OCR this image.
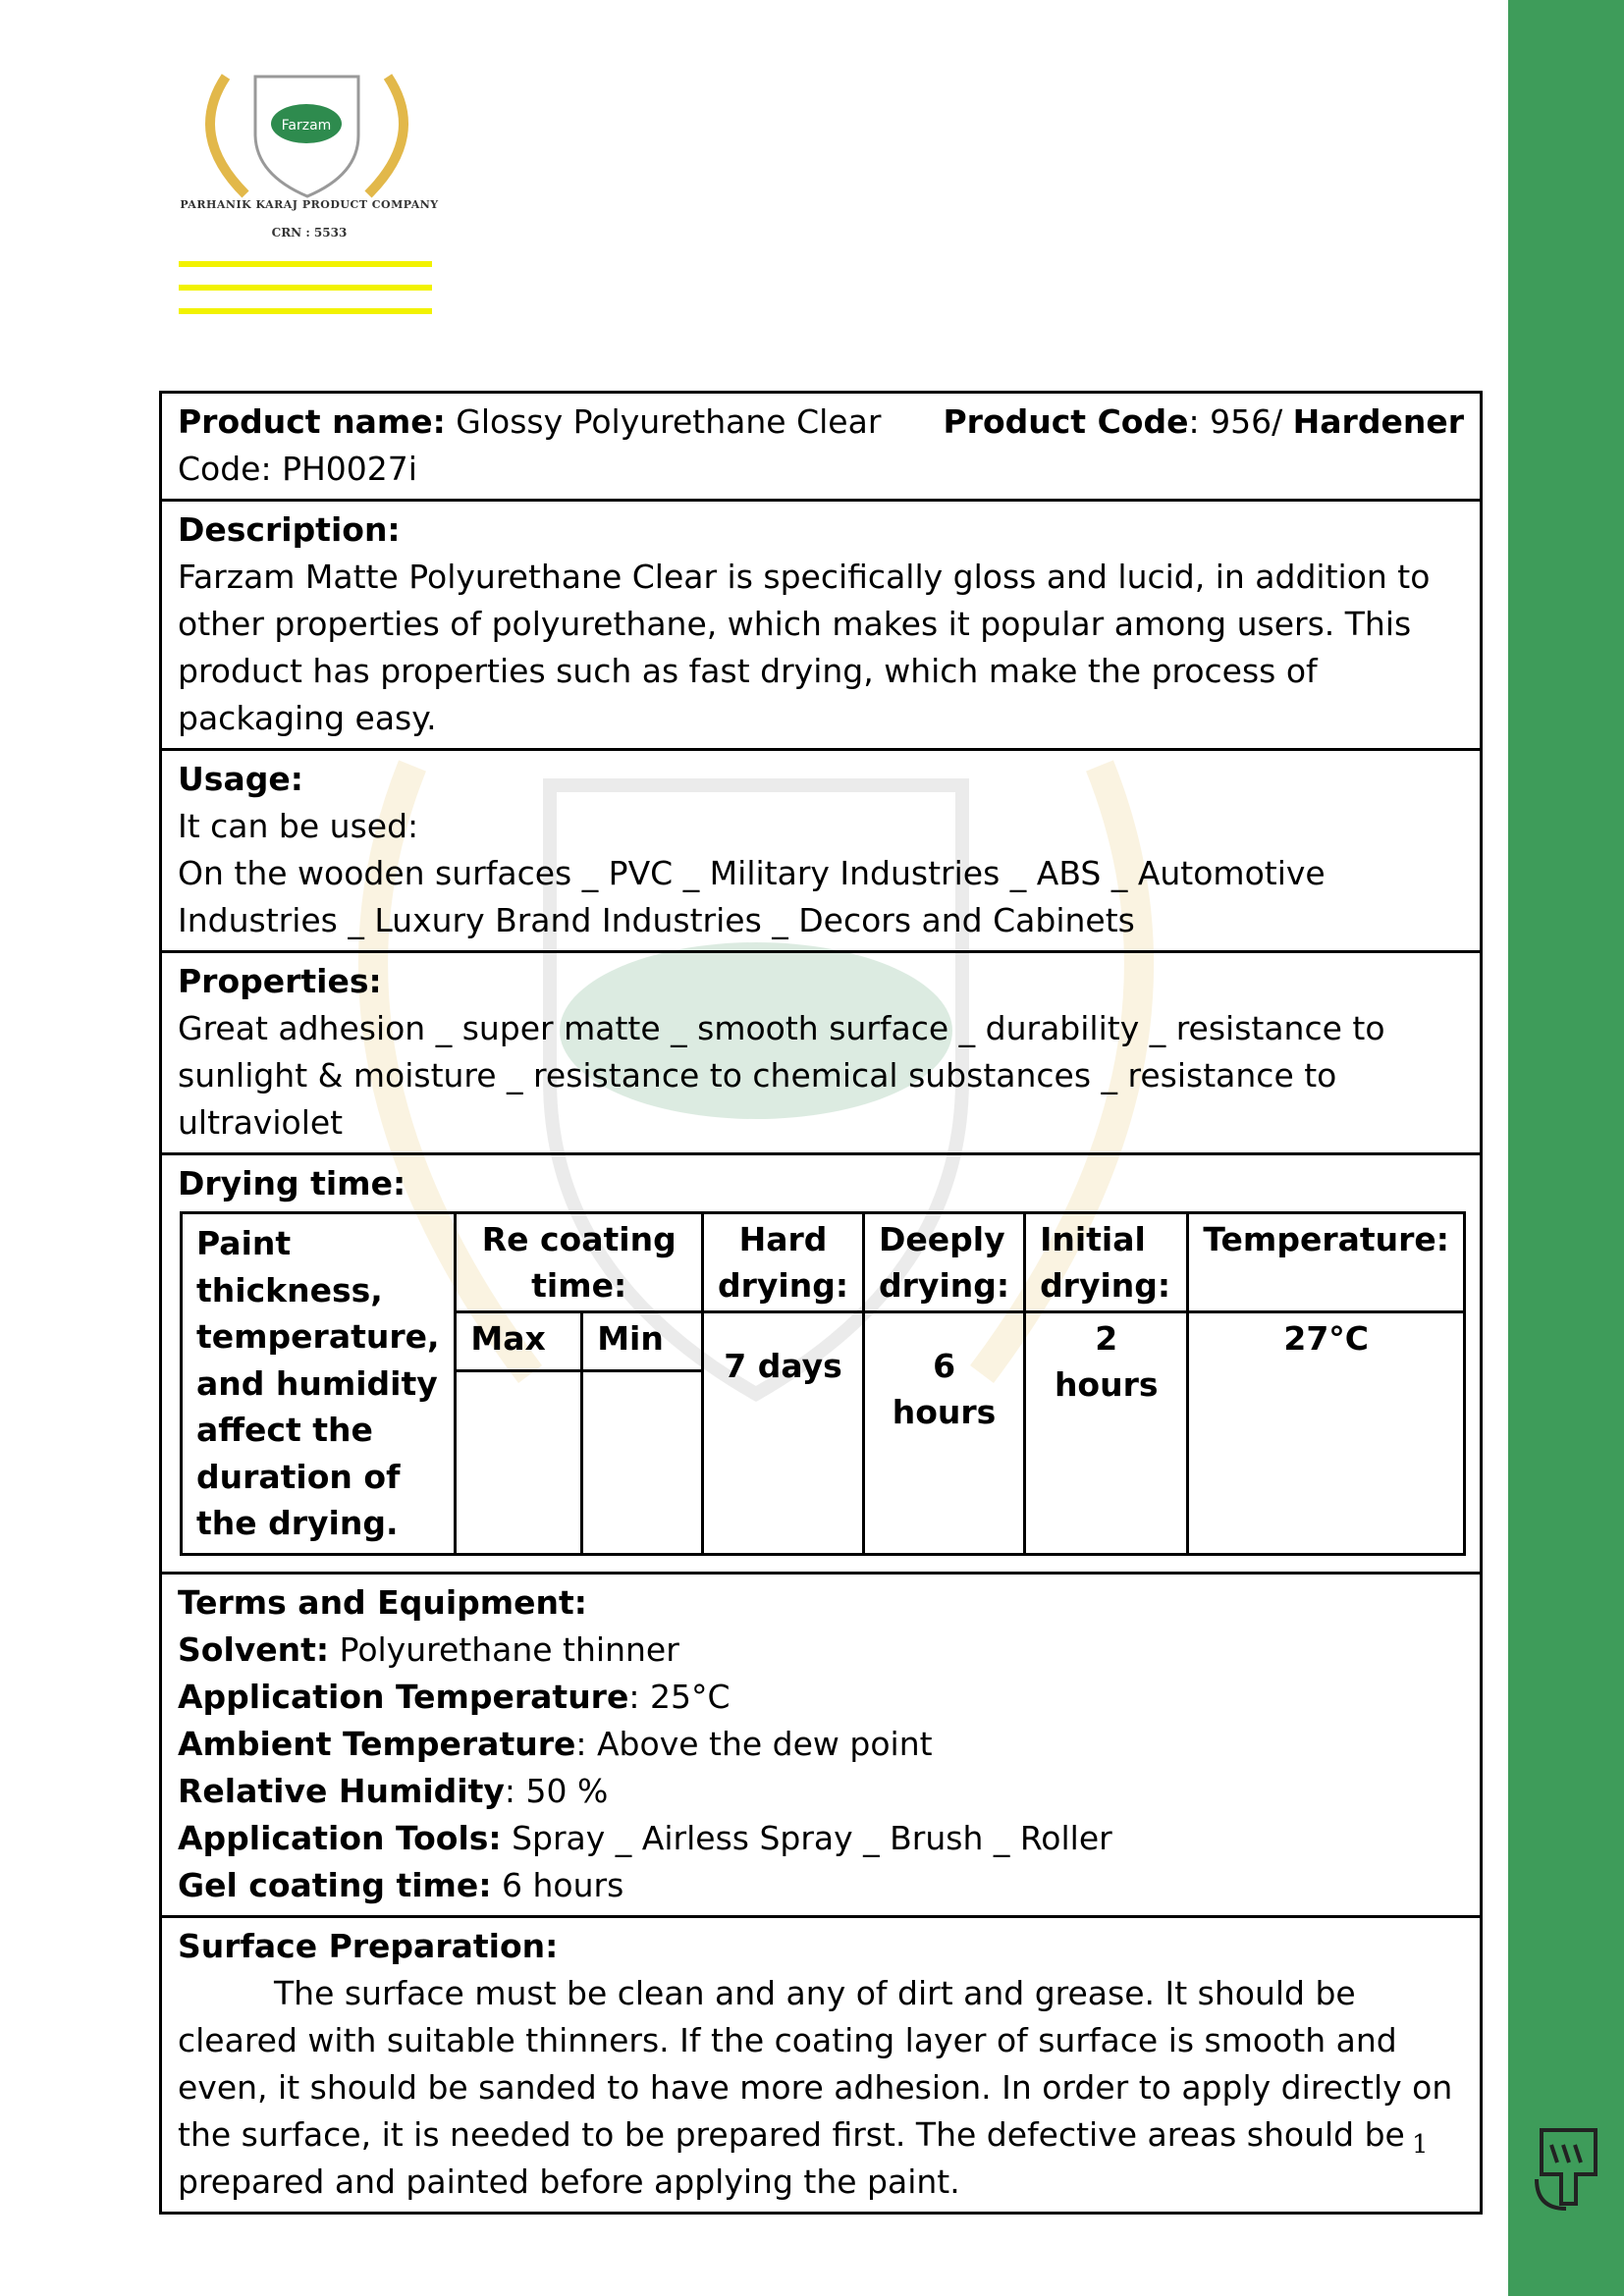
Farzam
PARHANIK KARAJ PRODUCT COMPANY
CRN : 5533
Product name: Glossy Polyurethane Clear Product Code: 956/ Hardener
Code: PH0027i
Description:
Farzam Matte Polyurethane Clear is specifically gloss and lucid, in addition to other properties of polyurethane, which makes it popular among users. This product has properties such as fast drying, which make the process of packaging easy.
Usage:
It can be used:
On the wooden surfaces _ PVC _ Military Industries _ ABS _ Automotive Industries _ Luxury Brand Industries _ Decors and Cabinets
Properties:
Great adhesion _ super matte _ smooth surface _ durability _ resistance to sunlight & moisture _ resistance to chemical substances _ resistance to ultraviolet
Drying time:
Paint thickness, temperature, and humidity affect the duration of the drying.	Re coating time:		Hard drying:	Deeply drying:	Initial drying:	Temperature:
	Max	Min	7 days	6 hours	2 hours	27°C

Terms and Equipment:
Solvent: Polyurethane thinner
Application Temperature: 25°C
Ambient Temperature: Above the dew point
Relative Humidity: 50 %
Application Tools: Spray _ Airless Spray _ Brush _ Roller
Gel coating time: 6 hours
Surface Preparation:
The surface must be clean and any of dirt and grease. It should be cleared with suitable thinners. If the coating layer of surface is smooth and even, it should be sanded to have more adhesion. In order to apply directly on the surface, it is needed to be prepared first. The defective areas should be prepared and painted before applying the paint.
1
